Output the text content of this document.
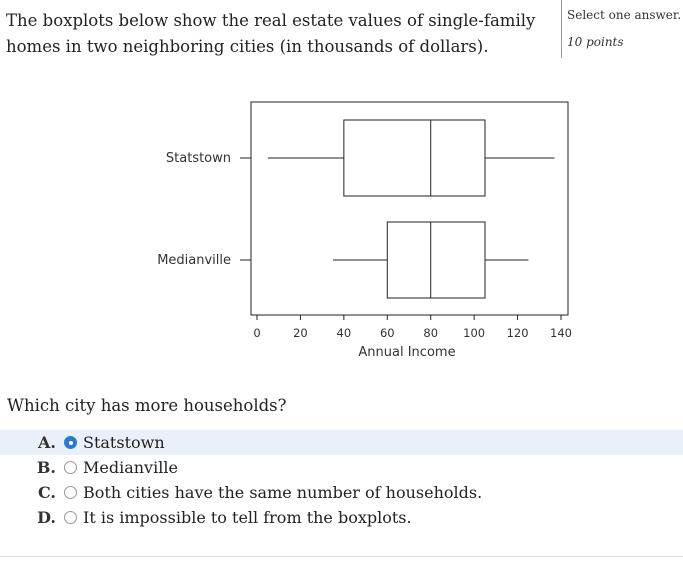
The boxplots below show the real estate values of single-family homes in two neighboring cities (in thousands of dollars).
Select one answer.
10 points
0	20	40	60	80 100 120 140
Statstown
Medianville
Annual Income
Which city has more households?
A.	Statstown
B.	Medianville
C.	Both cities have the same number of households.
D.	It is impossible to tell from the boxplots.
